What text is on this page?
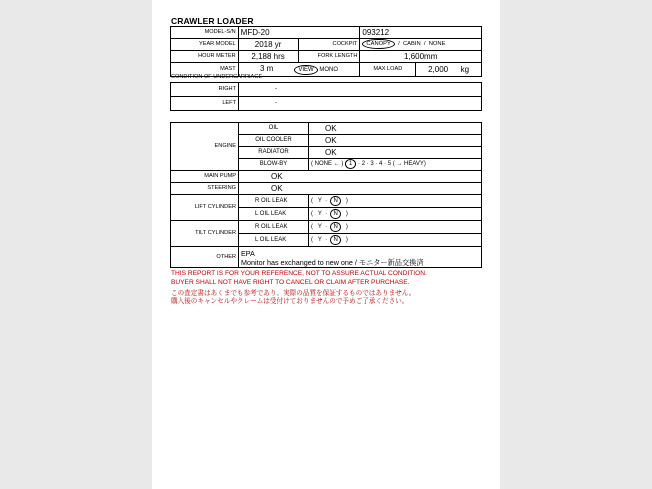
CRAWLER LOADER
MODEL-S/N	MFD-20		093212	
YEAR MODEL	2018 yr	COCKPIT	CANOPY  /  CABIN  /  NONE	
HOUR METER	2,188 hrs	FORK LENGTH	1,600mm	
MAST	3 m VIEW MONO		MAX LOAD	2,000 kg
CONDITION OF UNDERCARRIAGE
RIGHT	-
LEFT	-
ENGINE	OIL	OK
	OIL COOLER	OK
	RADIATOR	OK
	BLOW-BY	( NONE ← ) 1 · 2 · 3 · 4 · 5 ( → HEAVY)
MAIN PUMP	OK	
STEERING	OK	
LIFT CYLINDER	R OIL LEAK	(   Y  ·  N   )
	L OIL LEAK	(   Y  ·  N   )
TILT CYLINDER	R OIL LEAK	(   Y  ·  N   )
	L OIL LEAK	(   Y  ·  N   )
OTHER	EPA
Monitor has exchanged to new one / モニター新品交換済	
THIS REPORT IS FOR YOUR REFERENCE, NOT TO ASSURE ACTUAL CONDITION.
BUYER SHALL NOT HAVE RIGHT TO CANCEL OR CLAIM AFTER PURCHASE.
この査定書はあくまでも参考であり、実際の品質を保証するものではありません。
購入後のキャンセルやクレームは受付けておりませんので予めご了承ください。
